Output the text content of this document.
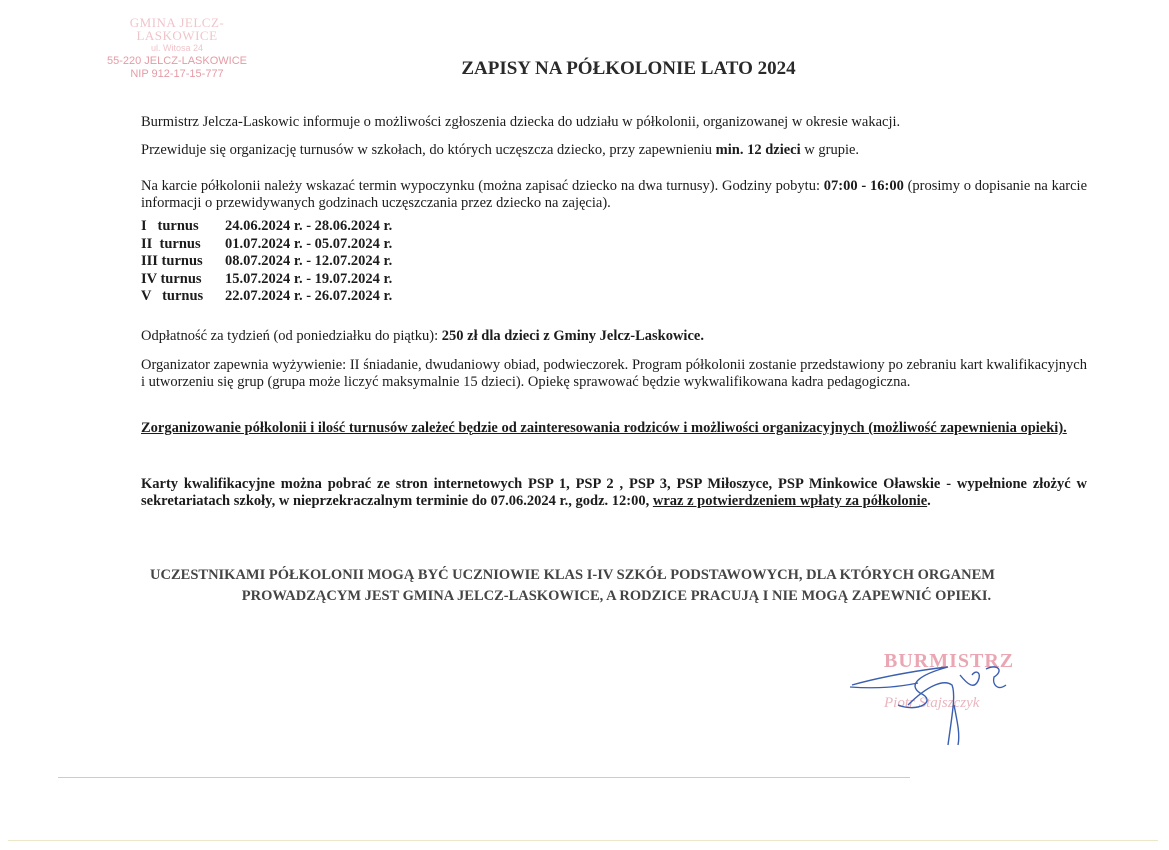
GMINA JELCZ-LASKOWICE
ul. Witosa 24
55-220 JELCZ-LASKOWICE
NIP 912-17-15-777	ZAPISY NA PÓŁKOLONIE LATO 2024
Burmistrz Jelcza-Laskowic informuje o możliwości zgłoszenia dziecka do udziału w półkolonii, organizowanej w okresie wakacji.
Przewiduje się organizację turnusów w szkołach, do których uczęszcza dziecko, przy zapewnieniu min. 12 dzieci w grupie.
Na karcie półkolonii należy wskazać termin wypoczynku (można zapisać dziecko na dwa turnusy). Godziny pobytu: 07:00 - 16:00 (prosimy o dopisanie na karcie informacji o przewidywanych godzinach uczęszczania przez dziecko na zajęcia).
I   turnus	24.06.2024 r. - 28.06.2024 r.
II  turnus	01.07.2024 r. - 05.07.2024 r.
III turnus	08.07.2024 r. - 12.07.2024 r.
IV turnus	15.07.2024 r. - 19.07.2024 r.
V   turnus	22.07.2024 r. - 26.07.2024 r.
Odpłatność za tydzień (od poniedziałku do piątku): 250 zł dla dzieci z Gminy Jelcz-Laskowice.
Organizator zapewnia wyżywienie: II śniadanie, dwudaniowy obiad, podwieczorek. Program półkolonii zostanie przedstawiony po zebraniu kart kwalifikacyjnych i utworzeniu się grup (grupa może liczyć maksymalnie 15 dzieci). Opiekę sprawować będzie wykwalifikowana kadra pedagogiczna.
Zorganizowanie półkolonii i ilość turnusów zależeć będzie od zainteresowania rodziców i możliwości organizacyjnych (możliwość zapewnienia opieki).
Karty kwalifikacyjne można pobrać ze stron internetowych PSP 1, PSP 2 , PSP 3, PSP Miłoszyce, PSP Minkowice Oławskie - wypełnione złożyć w sekretariatach szkoły, w nieprzekraczalnym terminie do 07.06.2024 r., godz. 12:00, wraz z potwierdzeniem wpłaty za półkolonie.
UCZESTNIKAMI PÓŁKOLONII MOGĄ BYĆ UCZNIOWIE KLAS I-IV SZKÓŁ PODSTAWOWYCH, DLA KTÓRYCH ORGANEM
PROWADZĄCYM JEST GMINA JELCZ-LASKOWICE, A RODZICE PRACUJĄ I NIE MOGĄ ZAPEWNIĆ OPIEKI.
BURMISTRZ
Piotr Stajszczyk
